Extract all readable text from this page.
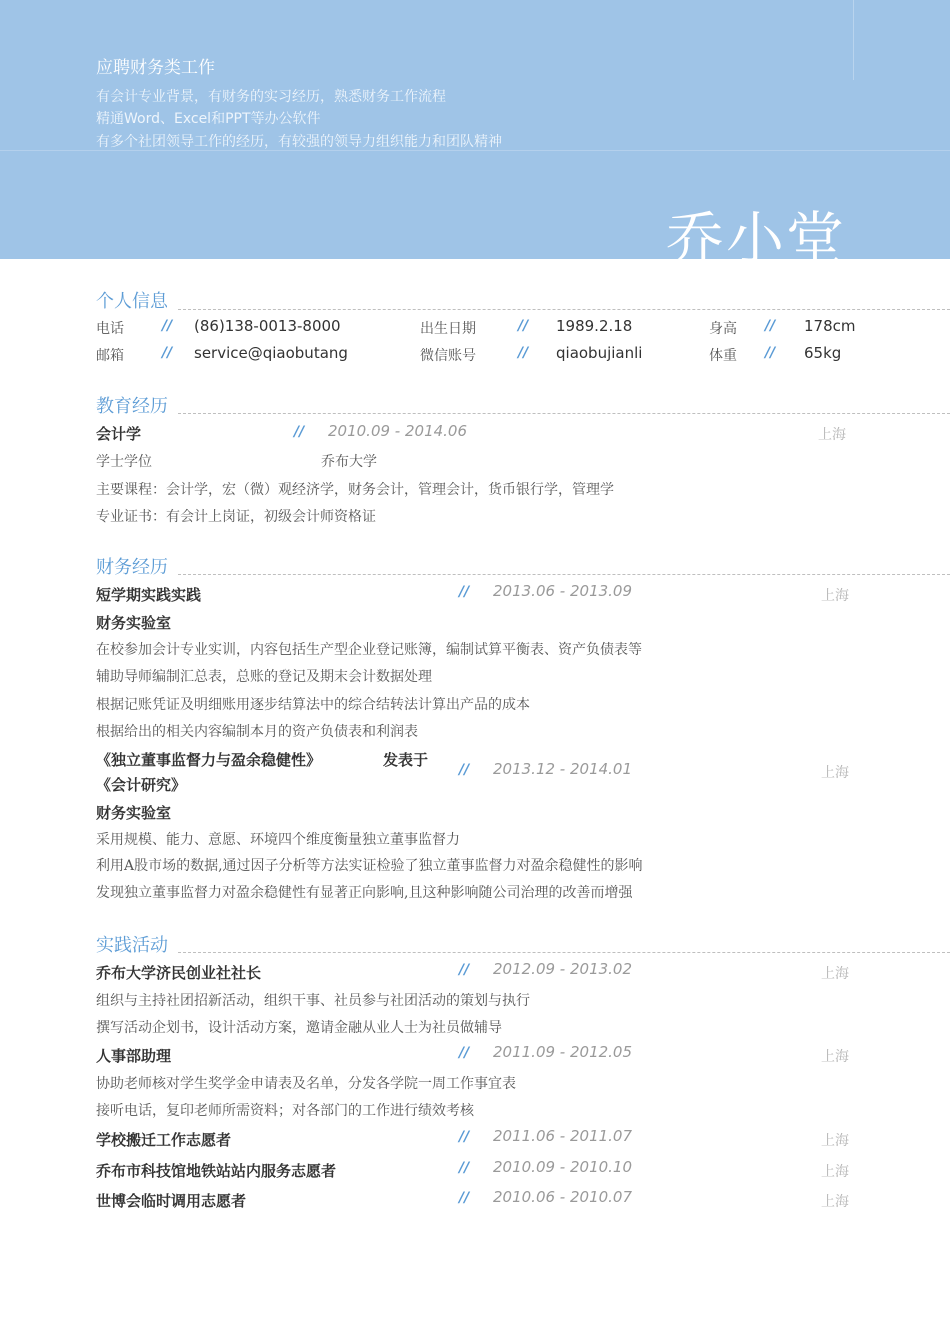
应聘财务类工作
有会计专业背景，有财务的实习经历，熟悉财务工作流程
精通Word、Excel和PPT等办公软件
有多个社团领导工作的经历，有较强的领导力组织能力和团队精神
乔小堂
个人信息
电话	// (86)138-0013-8000	出生日期	// 1989.2.18	身高 // 178cm
邮箱	// service@qiaobutang	微信账号	// qiaobujianli	体重 // 65kg
教育经历
会计学	// 2010.09 - 2014.06	上海
学士学位	乔布大学
主要课程：会计学，宏（微）观经济学，财务会计，管理会计，货币银行学，管理学
专业证书：有会计上岗证，初级会计师资格证
财务经历
短学期实践实践	// 2013.06 - 2013.09	上海
财务实验室
在校参加会计专业实训，内容包括生产型企业登记账簿，编制试算平衡表、资产负债表等
辅助导师编制汇总表，总账的登记及期末会计数据处理
根据记账凭证及明细账用逐步结算法中的综合结转法计算出产品的成本
根据给出的相关内容编制本月的资产负债表和利润表
《独立董事监督力与盈余稳健性》	发表于
《会计研究》
// 2013.12 - 2014.01	上海
财务实验室
采用规模、能力、意愿、环境四个维度衡量独立董事监督力
利用A股市场的数据,通过因子分析等方法实证检验了独立董事监督力对盈余稳健性的影响
发现独立董事监督力对盈余稳健性有显著正向影响,且这种影响随公司治理的改善而增强
实践活动
乔布大学济民创业社社长	// 2012.09 - 2013.02	上海
组织与主持社团招新活动，组织干事、社员参与社团活动的策划与执行
撰写活动企划书，设计活动方案，邀请金融从业人士为社员做辅导
人事部助理	// 2011.09 - 2012.05	上海
协助老师核对学生奖学金申请表及名单，分发各学院一周工作事宜表
接听电话，复印老师所需资料；对各部门的工作进行绩效考核
学校搬迁工作志愿者	// 2011.06 - 2011.07	上海
乔布市科技馆地铁站站内服务志愿者	// 2010.09 - 2010.10	上海
世博会临时调用志愿者	// 2010.06 - 2010.07	上海
